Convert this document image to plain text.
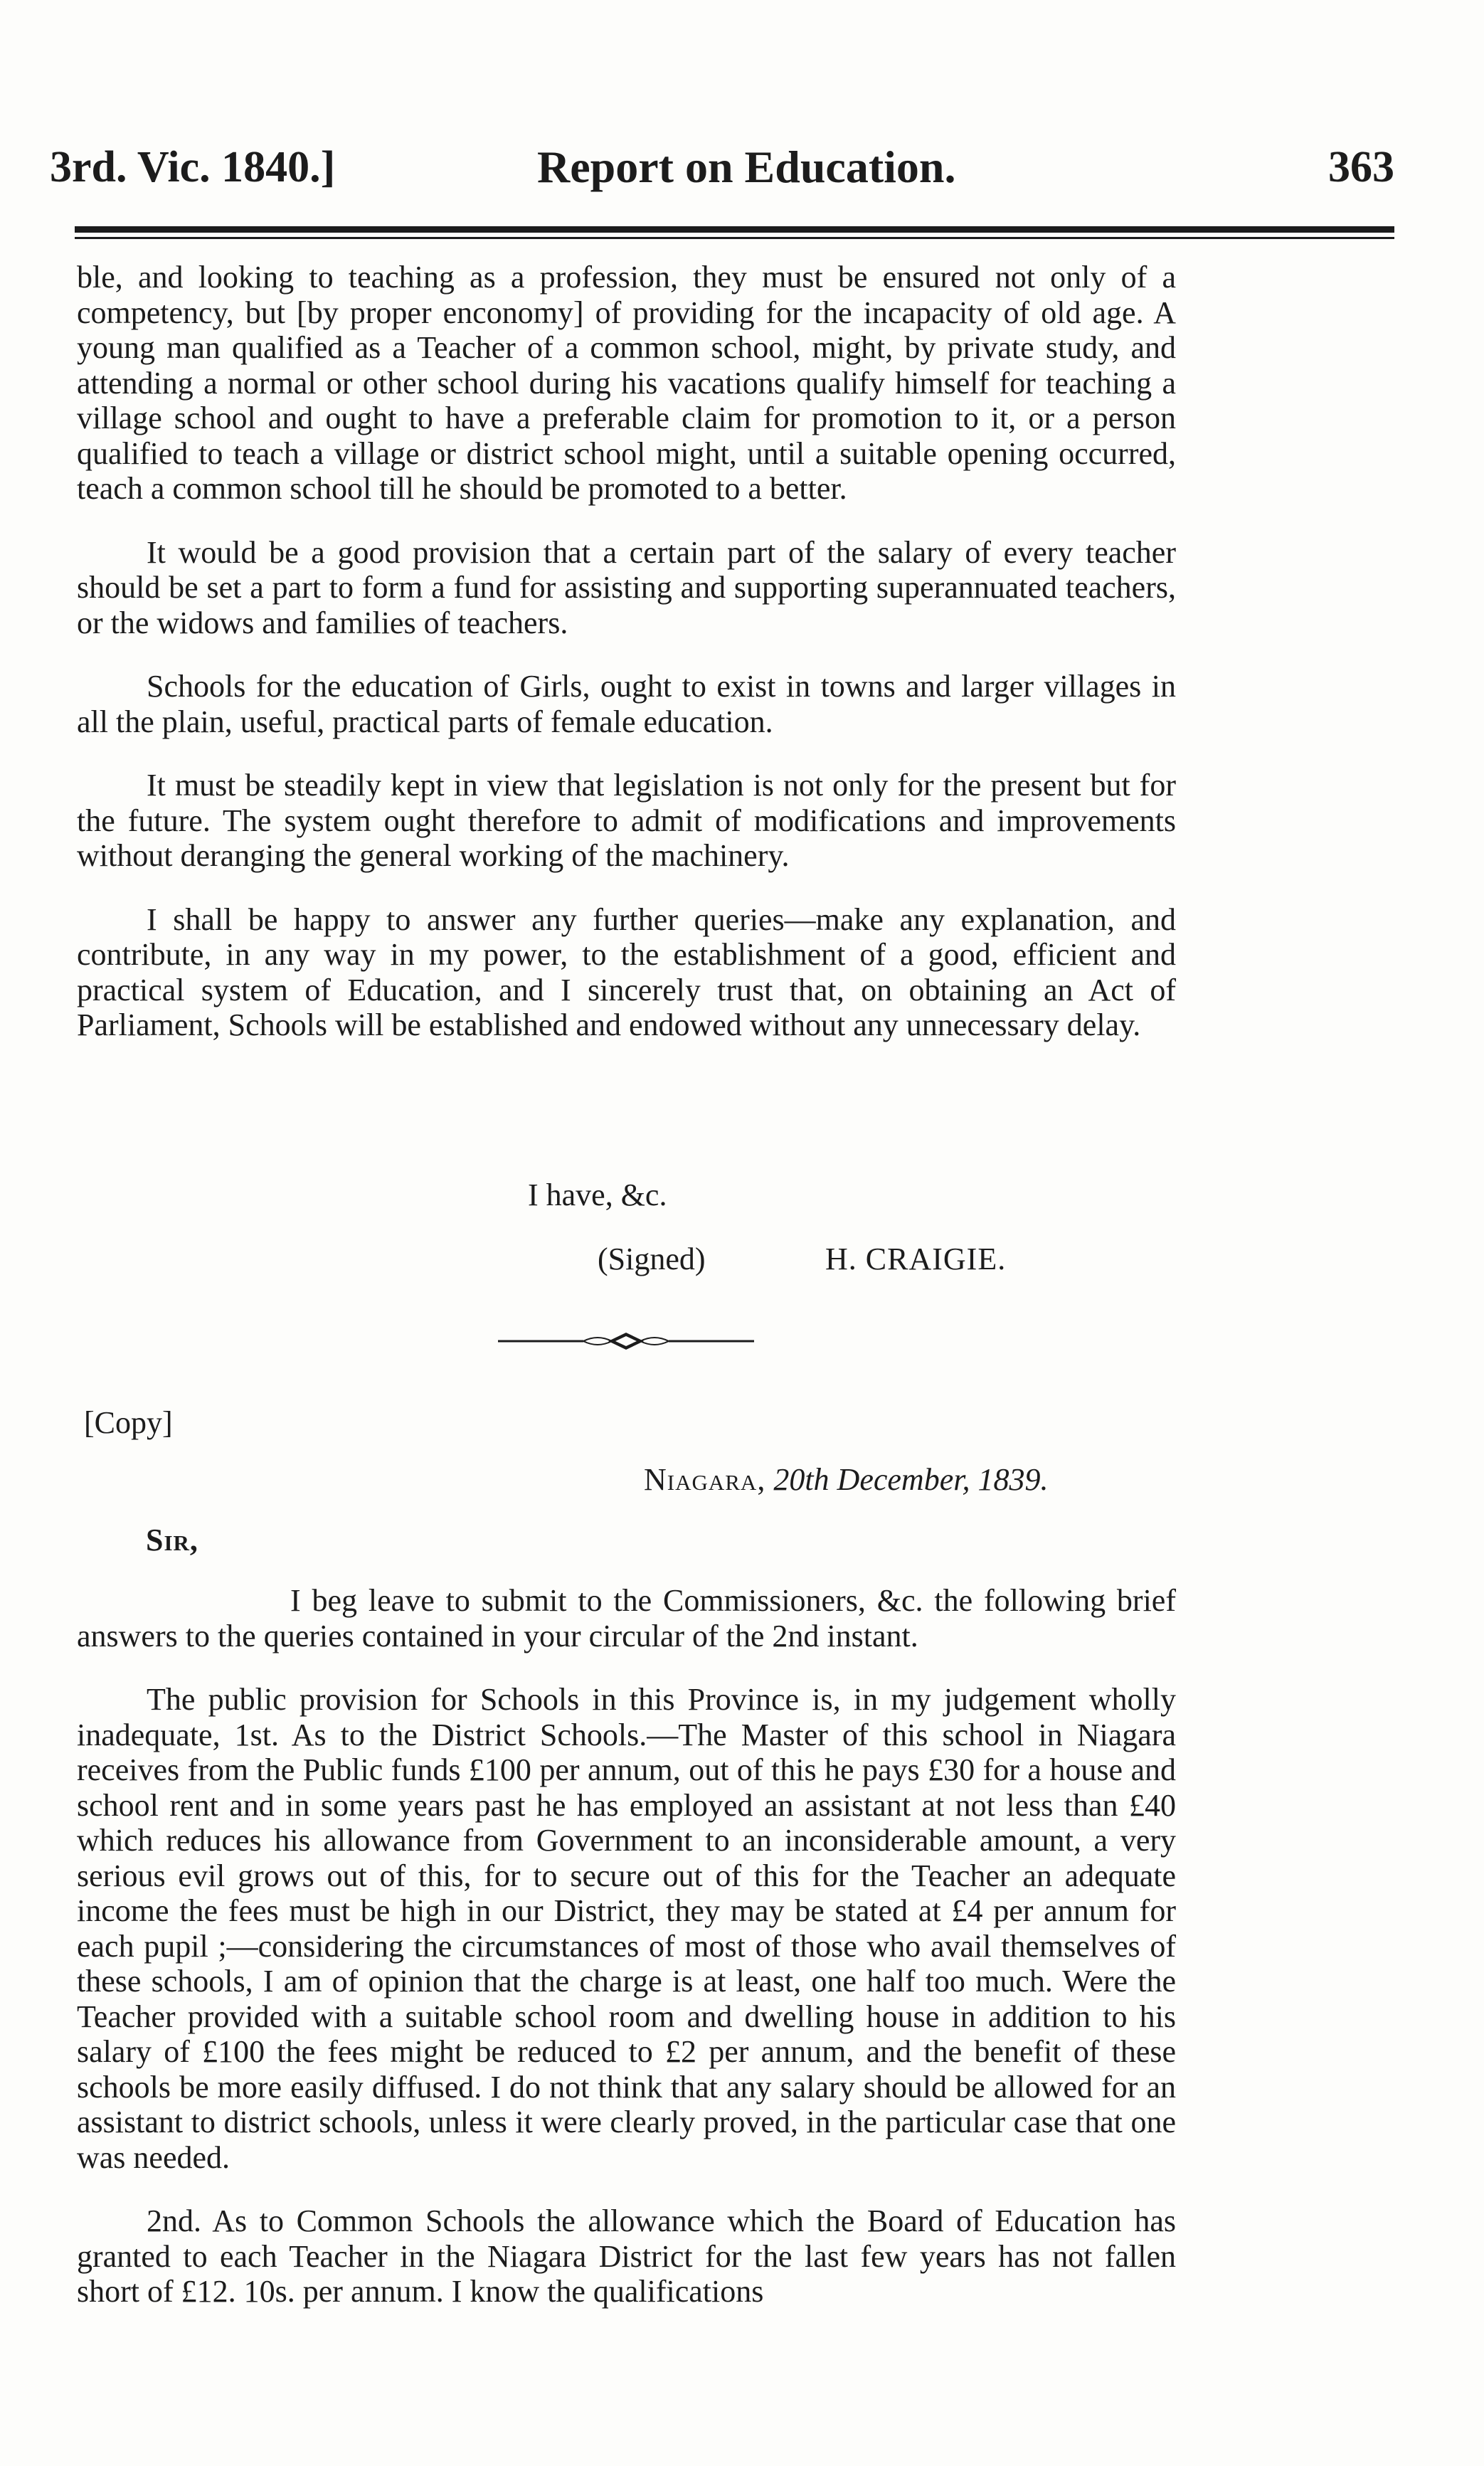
3rd. Vic. 1840.]	Report on Education.	363

ble, and looking to teaching as a profession, they must be ensured not only of a competency, but [by proper enconomy] of providing for the incapacity of old age. A young man qualified as a Teacher of a common school, might, by private study, and attending a normal or other school during his vacations qualify himself for teaching a village school and ought to have a preferable claim for promotion to it, or a person qualified to teach a village or district school might, until a suitable opening occurred, teach a common school till he should be promoted to a better.

It would be a good provision that a certain part of the salary of every teacher should be set a part to form a fund for assisting and supporting superannuated teachers, or the widows and families of teachers.

Schools for the education of Girls, ought to exist in towns and larger villages in all the plain, useful, practical parts of female education.

It must be steadily kept in view that legislation is not only for the present but for the future. The system ought therefore to admit of modifications and improvements without deranging the general working of the machinery.

I shall be happy to answer any further queries—make any explanation, and contribute, in any way in my power, to the establishment of a good, efficient and practical system of Education, and I sincerely trust that, on obtaining an Act of Parliament, Schools will be established and endowed without any unnecessary delay.

I have, &c.
(Signed)	H. CRAIGIE.
[Copy]
Niagara, 20th December, 1839.
Sir,

I beg leave to submit to the Commissioners, &c. the following brief answers to the queries contained in your circular of the 2nd instant.

The public provision for Schools in this Province is, in my judgement wholly inadequate, 1st. As to the District Schools.—The Master of this school in Niagara receives from the Public funds £100 per annum, out of this he pays £30 for a house and school rent and in some years past he has employed an assistant at not less than £40 which reduces his allowance from Government to an inconsiderable amount, a very serious evil grows out of this, for to secure out of this for the Teacher an adequate income the fees must be high in our District, they may be stated at £4 per annum for each pupil ;—considering the circumstances of most of those who avail themselves of these schools, I am of opinion that the charge is at least, one half too much. Were the Teacher provided with a suitable school room and dwelling house in addition to his salary of £100 the fees might be reduced to £2 per annum, and the benefit of these schools be more easily diffused. I do not think that any salary should be allowed for an assistant to district schools, unless it were clearly proved, in the particular case that one was needed.

2nd. As to Common Schools the allowance which the Board of Education has granted to each Teacher in the Niagara District for the last few years has not fallen short of £12. 10s. per annum. I know the qualifications
